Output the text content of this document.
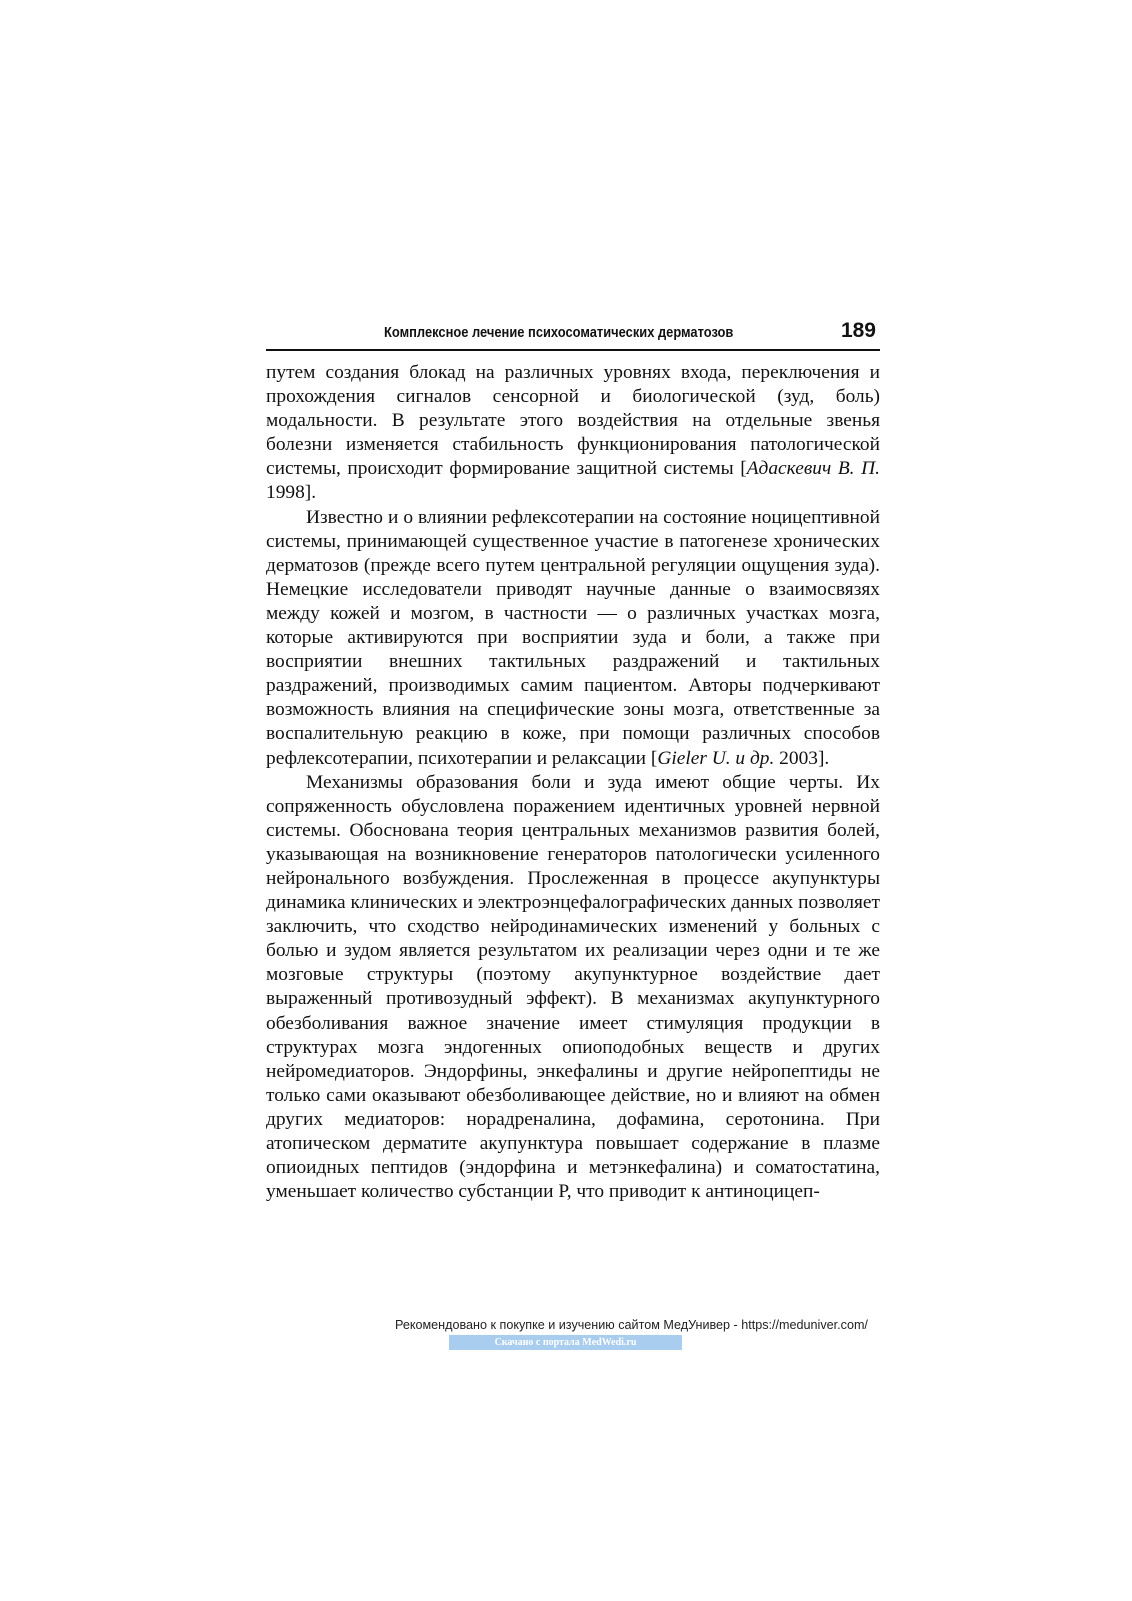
Комплексное лечение психосоматических дерматозов	189

путем создания блокад на различных уровнях входа, переключения и прохождения сигналов сенсорной и биологической (зуд, боль) модальности. В результате этого воздействия на отдельные звенья болезни изменяется стабильность функционирования патологической системы, происходит формирование защитной системы [Адаскевич В. П. 1998].

Известно и о влиянии рефлексотерапии на состояние ноцицептивной системы, принимающей существенное участие в патогенезе хронических дерматозов (прежде всего путем центральной регуляции ощущения зуда). Немецкие исследователи приводят научные данные о взаимосвязях между кожей и мозгом, в частности — о различных участках мозга, которые активируются при восприятии зуда и боли, а также при восприятии внешних тактильных раздражений и тактильных раздражений, производимых самим пациентом. Авторы подчеркивают возможность влияния на специфические зоны мозга, ответственные за воспалительную реакцию в коже, при помощи различных способов рефлексотерапии, психотерапии и релаксации [Gieler U. и др. 2003].

Механизмы образования боли и зуда имеют общие черты. Их сопряженность обусловлена поражением идентичных уровней нервной системы. Обоснована теория центральных механизмов развития болей, указывающая на возникновение генераторов патологически усиленного нейронального возбуждения. Прослеженная в процессе акупунктуры динамика клинических и электроэнцефалографических данных позволяет заключить, что сходство нейродинамических изменений у больных с болью и зудом является результатом их реализации через одни и те же мозговые структуры (поэтому акупунктурное воздействие дает выраженный противозудный эффект). В механизмах акупунктурного обезболивания важное значение имеет стимуляция продукции в структурах мозга эндогенных опиоподобных веществ и других нейромедиаторов. Эндорфины, энкефалины и другие нейропептиды не только сами оказывают обезболивающее действие, но и влияют на обмен других медиаторов: норадреналина, дофамина, серотонина. При атопическом дерматите акупунктура повышает содержание в плазме опиоидных пептидов (эндорфина и метэнкефалина) и соматостатина, уменьшает количество субстанции Р, что приводит к антиноцицеп-

Рекомендовано к покупке и изучению сайтом МедУнивер - https://meduniver.com/
Скачано с портала MedWedi.ru
